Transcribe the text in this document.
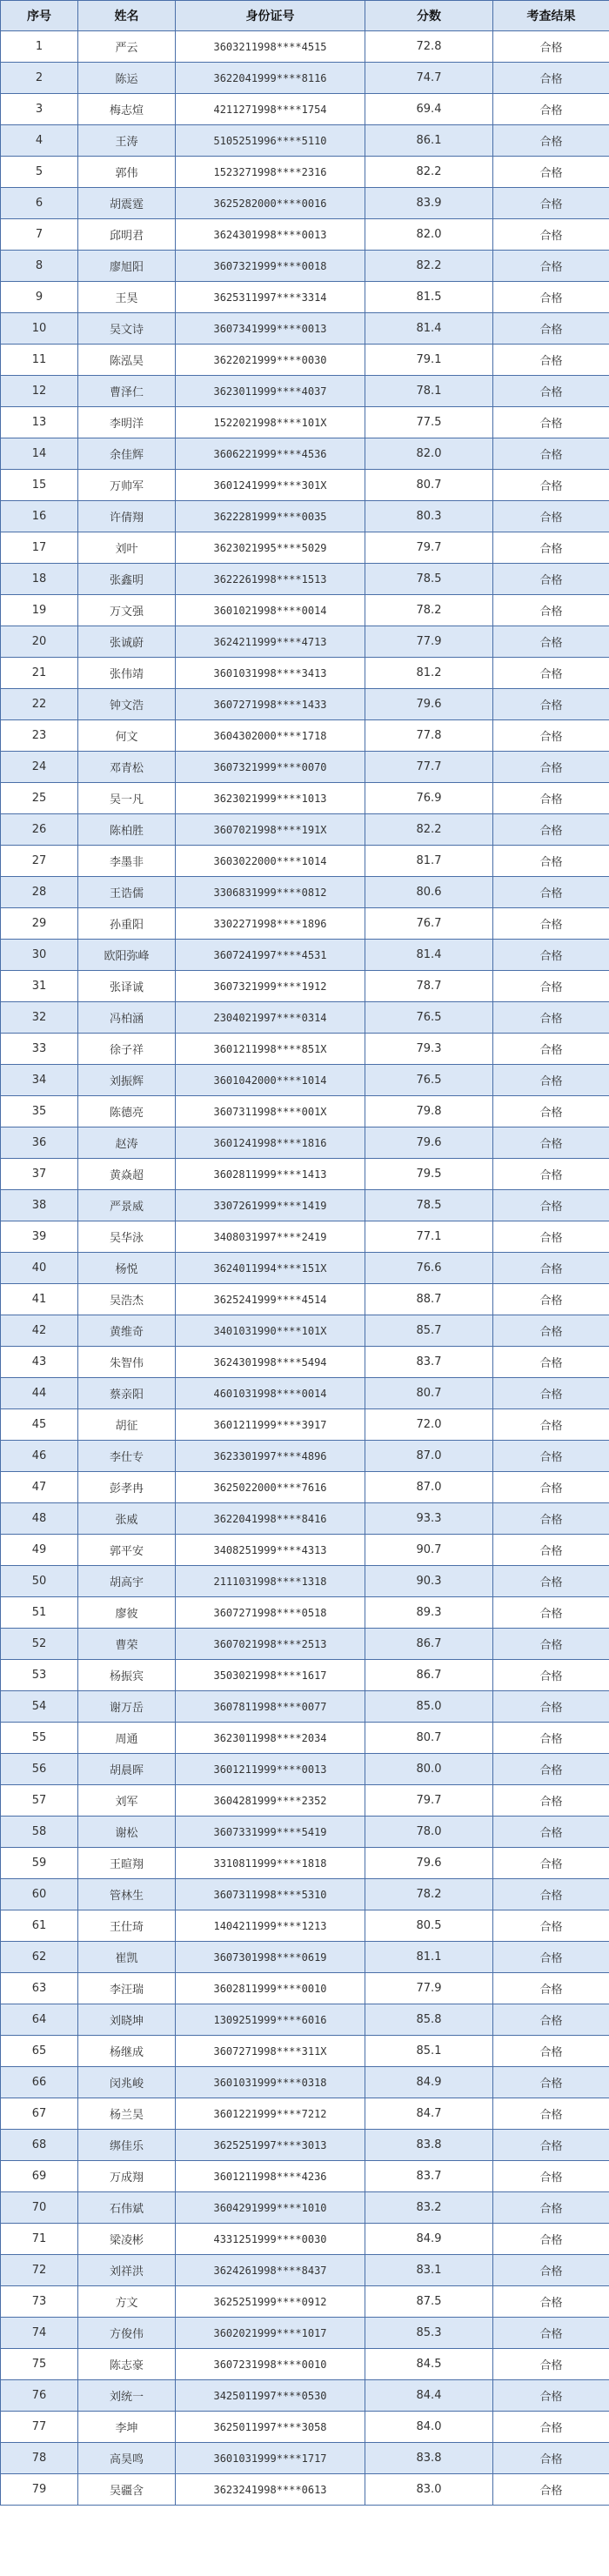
序号	姓名	身份证号	分数	考查结果
1	严云	3603211998****4515	72.8	合格
2	陈运	3622041999****8116	74.7	合格
3	梅志煊	4211271998****1754	69.4	合格
4	王涛	5105251996****5110	86.1	合格
5	郭伟	1523271998****2316	82.2	合格
6	胡震霆	3625282000****0016	83.9	合格
7	邱明君	3624301998****0013	82.0	合格
8	廖旭阳	3607321999****0018	82.2	合格
9	王昊	3625311997****3314	81.5	合格
10	吴文诗	3607341999****0013	81.4	合格
11	陈泓昊	3622021999****0030	79.1	合格
12	曹泽仁	3623011999****4037	78.1	合格
13	李明洋	1522021998****101X	77.5	合格
14	余佳辉	3606221999****4536	82.0	合格
15	万帅军	3601241999****301X	80.7	合格
16	许倩翔	3622281999****0035	80.3	合格
17	刘叶	3623021995****5029	79.7	合格
18	张鑫明	3622261998****1513	78.5	合格
19	万文强	3601021998****0014	78.2	合格
20	张诚蔚	3624211999****4713	77.9	合格
21	张伟靖	3601031998****3413	81.2	合格
22	钟文浩	3607271998****1433	79.6	合格
23	何文	3604302000****1718	77.8	合格
24	邓青松	3607321999****0070	77.7	合格
25	吴一凡	3623021999****1013	76.9	合格
26	陈柏胜	3607021998****191X	82.2	合格
27	李墨非	3603022000****1014	81.7	合格
28	王诰儒	3306831999****0812	80.6	合格
29	孙重阳	3302271998****1896	76.7	合格
30	欧阳弥峰	3607241997****4531	81.4	合格
31	张译诚	3607321999****1912	78.7	合格
32	冯柏涵	2304021997****0314	76.5	合格
33	徐子祥	3601211998****851X	79.3	合格
34	刘振辉	3601042000****1014	76.5	合格
35	陈德亮	3607311998****001X	79.8	合格
36	赵涛	3601241998****1816	79.6	合格
37	黄焱超	3602811999****1413	79.5	合格
38	严景威	3307261999****1419	78.5	合格
39	吴华泳	3408031997****2419	77.1	合格
40	杨悦	3624011994****151X	76.6	合格
41	吴浩杰	3625241999****4514	88.7	合格
42	黄维奇	3401031990****101X	85.7	合格
43	朱智伟	3624301998****5494	83.7	合格
44	蔡亲阳	4601031998****0014	80.7	合格
45	胡征	3601211999****3917	72.0	合格
46	李仕专	3623301997****4896	87.0	合格
47	彭孝冉	3625022000****7616	87.0	合格
48	张威	3622041998****8416	93.3	合格
49	郭平安	3408251999****4313	90.7	合格
50	胡高宇	2111031998****1318	90.3	合格
51	廖彼	3607271998****0518	89.3	合格
52	曹荣	3607021998****2513	86.7	合格
53	杨振宾	3503021998****1617	86.7	合格
54	谢万岳	3607811998****0077	85.0	合格
55	周通	3623011998****2034	80.7	合格
56	胡晨晖	3601211999****0013	80.0	合格
57	刘军	3604281999****2352	79.7	合格
58	谢松	3607331999****5419	78.0	合格
59	王暄翔	3310811999****1818	79.6	合格
60	管林生	3607311998****5310	78.2	合格
61	王仕琦	1404211999****1213	80.5	合格
62	崔凯	3607301998****0619	81.1	合格
63	李汪瑞	3602811999****0010	77.9	合格
64	刘晓坤	1309251999****6016	85.8	合格
65	杨继成	3607271998****311X	85.1	合格
66	闵兆峻	3601031999****0318	84.9	合格
67	杨兰昊	3601221999****7212	84.7	合格
68	绑佳乐	3625251997****3013	83.8	合格
69	万成翔	3601211998****4236	83.7	合格
70	石伟斌	3604291999****1010	83.2	合格
71	梁凌彬	4331251999****0030	84.9	合格
72	刘祥洪	3624261998****8437	83.1	合格
73	方文	3625251999****0912	87.5	合格
74	方俊伟	3602021999****1017	85.3	合格
75	陈志豪	3607231998****0010	84.5	合格
76	刘统一	3425011997****0530	84.4	合格
77	李坤	3625011997****3058	84.0	合格
78	高昊鸣	3601031999****1717	83.8	合格
79	吴疆含	3623241998****0613	83.0	合格
